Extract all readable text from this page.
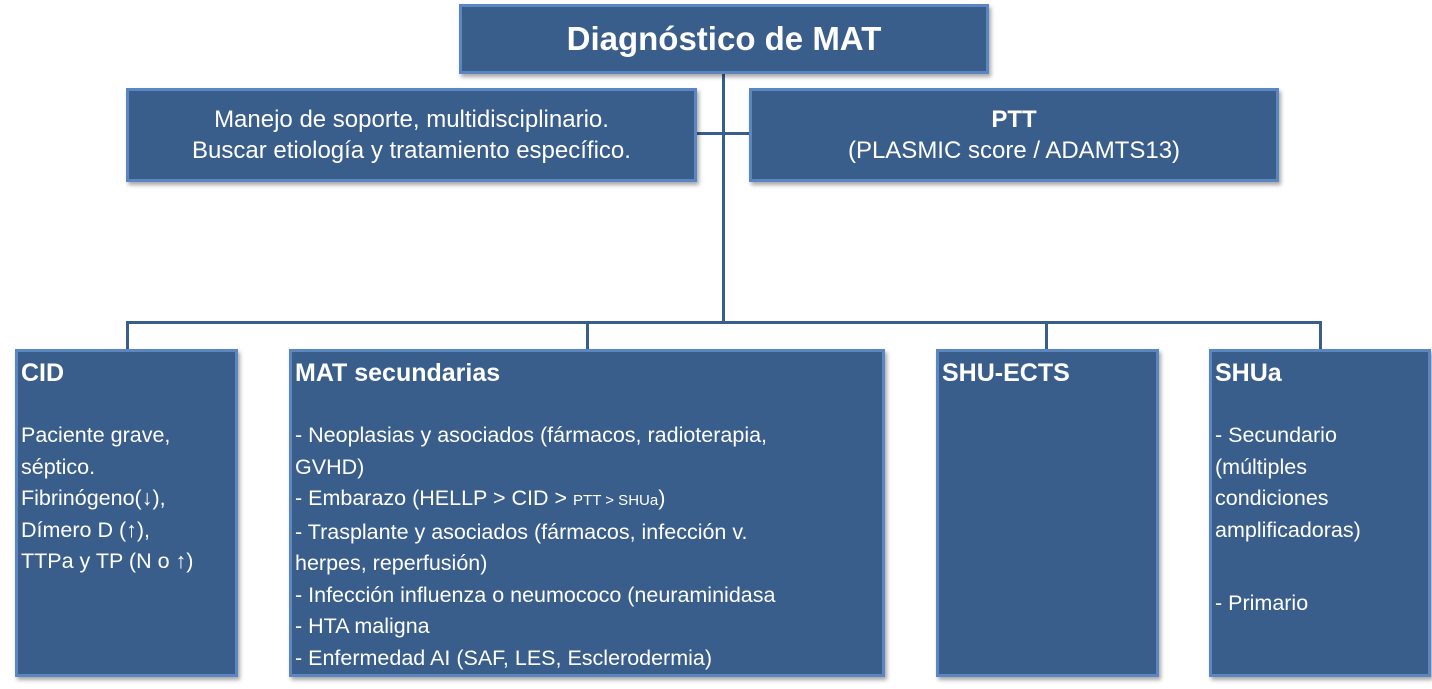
Diagnóstico de MAT
Manejo de soporte, multidisciplinario.
Buscar etiología y tratamiento específico.
PTT
(PLASMIC score / ADAMTS13)
CID
Paciente grave,
séptico.
Fibrinógeno(↓),
Dímero D (↑),
TTPa y TP (N o ↑)
MAT secundarias
- Neoplasias y asociados (fármacos, radioterapia,
GVHD)
- Embarazo (HELLP > CID > PTT > SHUa)
- Trasplante y asociados (fármacos, infección v.
herpes, reperfusión)
- Infección influenza o neumococo (neuraminidasa
- HTA maligna
- Enfermedad AI (SAF, LES, Esclerodermia)
SHU-ECTS	SHUa
- Secundario
(múltiples
condiciones
amplificadoras)
- Primario
